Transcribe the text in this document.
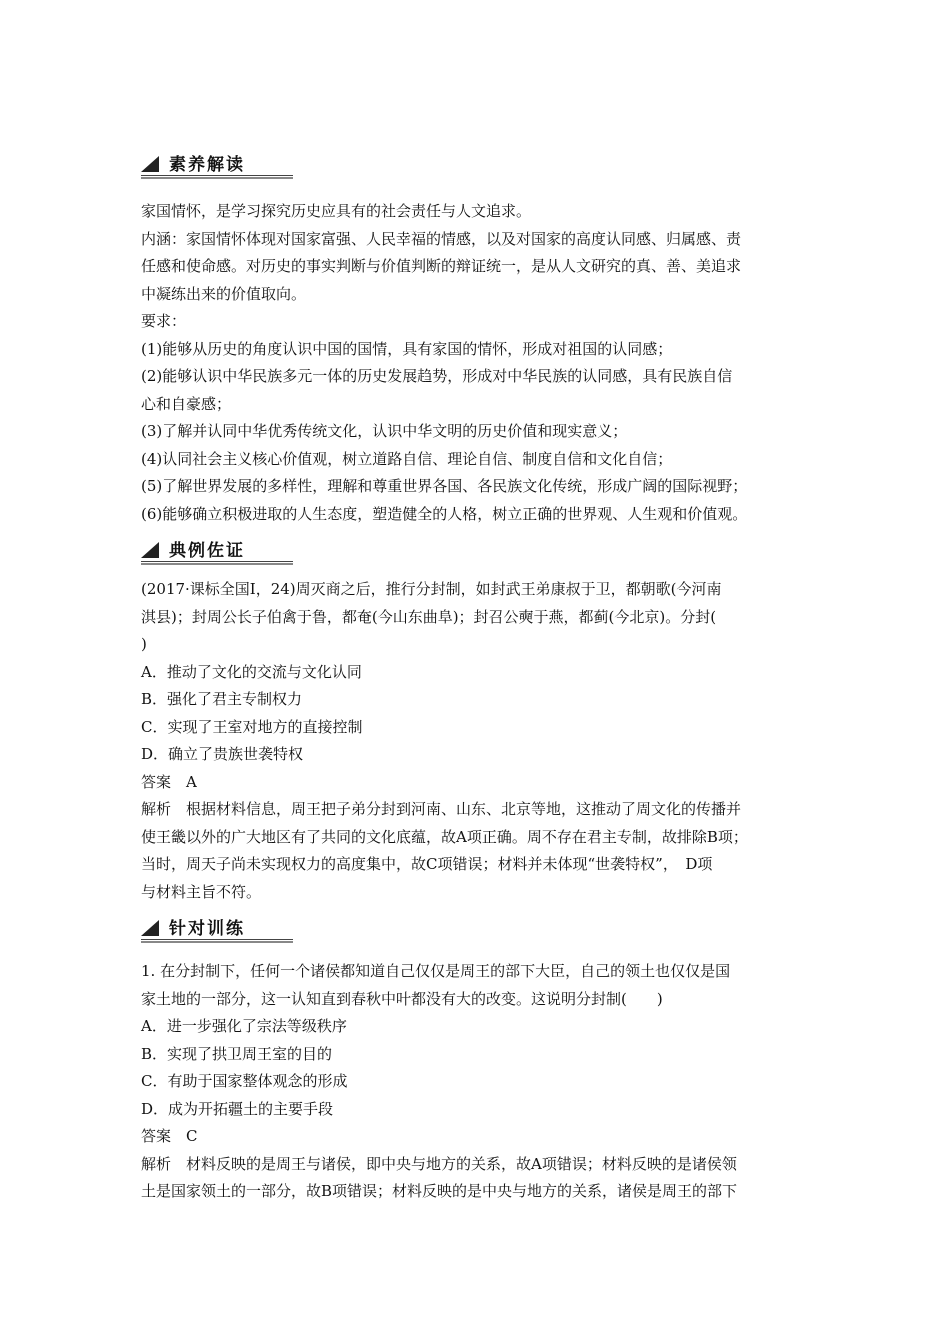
素养解读

家国情怀，是学习探究历史应具有的社会责任与人文追求。

内涵：家国情怀体现对国家富强、人民幸福的情感，以及对国家的高度认同感、归属感、责

任感和使命感。对历史的事实判断与价值判断的辩证统一，是从人文研究的真、善、美追求

中凝练出来的价值取向。

要求：

(1)能够从历史的角度认识中国的国情，具有家国的情怀，形成对祖国的认同感；

(2)能够认识中华民族多元一体的历史发展趋势，形成对中华民族的认同感，具有民族自信

心和自豪感；

(3)了解并认同中华优秀传统文化，认识中华文明的历史价值和现实意义；

(4)认同社会主义核心价值观，树立道路自信、理论自信、制度自信和文化自信；

(5)了解世界发展的多样性，理解和尊重世界各国、各民族文化传统，形成广阔的国际视野；

(6)能够确立积极进取的人生态度，塑造健全的人格，树立正确的世界观、人生观和价值观。

典例佐证

(2017·课标全国Ⅰ，24)周灭商之后，推行分封制，如封武王弟康叔于卫，都朝歌(今河南

淇县)；封周公长子伯禽于鲁，都奄(今山东曲阜)；封召公奭于燕，都蓟(今北京)。分封(

)

A．推动了文化的交流与文化认同

B．强化了君主专制权力

C．实现了王室对地方的直接控制

D．确立了贵族世袭特权

答案　A

解析　根据材料信息，周王把子弟分封到河南、山东、北京等地，这推动了周文化的传播并

使王畿以外的广大地区有了共同的文化底蕴，故A项正确。周不存在君主专制，故排除B项；

当时，周天子尚未实现权力的高度集中，故C项错误；材料并未体现“世袭特权”，　D项

与材料主旨不符。

针对训练

1. 在分封制下，任何一个诸侯都知道自己仅仅是周王的部下大臣，自己的领土也仅仅是国

家土地的一部分，这一认知直到春秋中叶都没有大的改变。这说明分封制(　　)

A．进一步强化了宗法等级秩序

B．实现了拱卫周王室的目的

C．有助于国家整体观念的形成

D．成为开拓疆土的主要手段

答案　C

解析　材料反映的是周王与诸侯，即中央与地方的关系，故A项错误；材料反映的是诸侯领

土是国家领土的一部分，故B项错误；材料反映的是中央与地方的关系，诸侯是周王的部下
